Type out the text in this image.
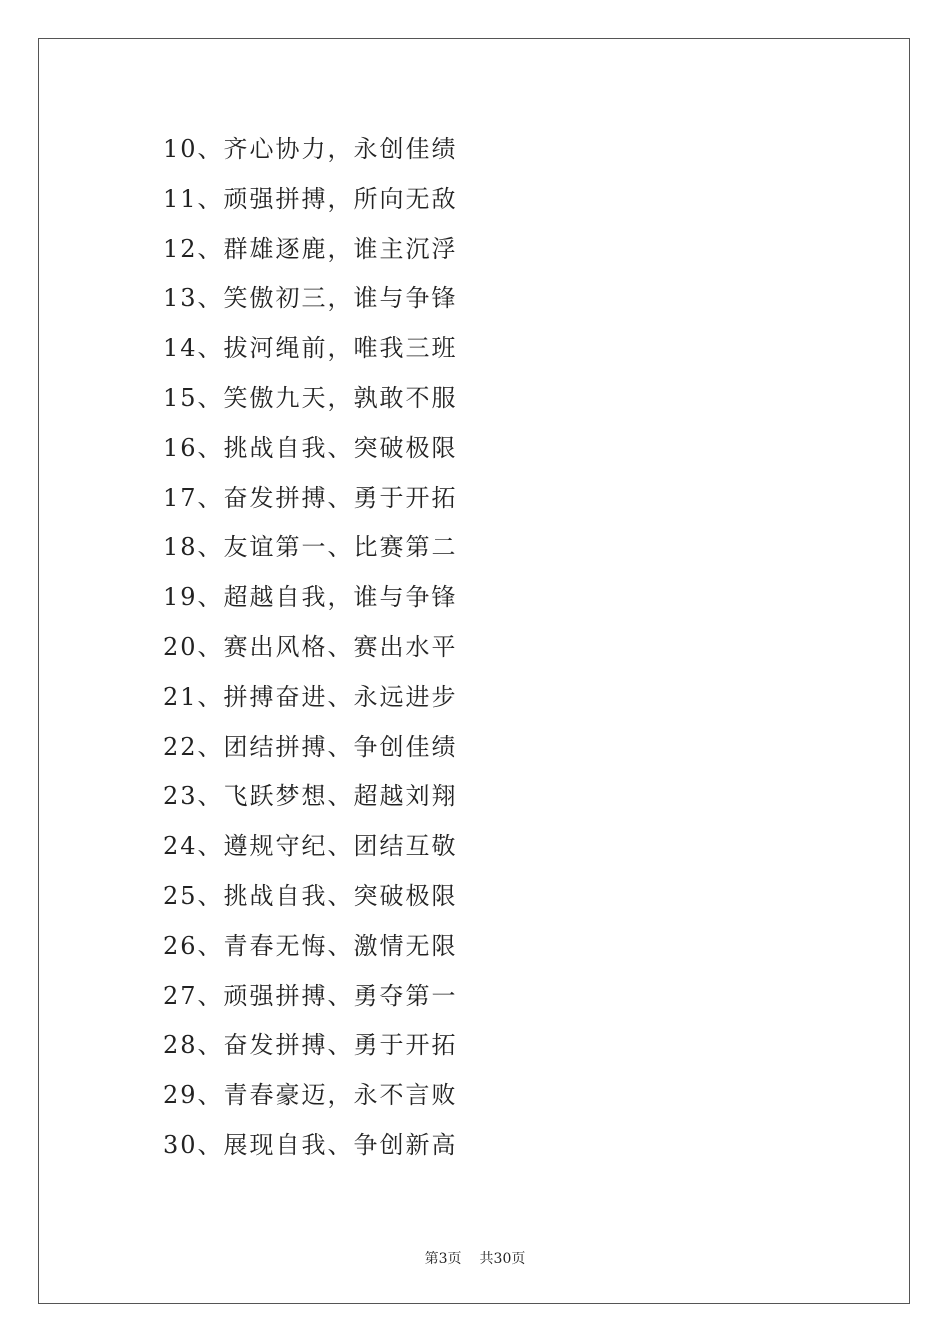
10、齐心协力，永创佳绩
11、顽强拼搏，所向无敌
12、群雄逐鹿，谁主沉浮
13、笑傲初三，谁与争锋
14、拔河绳前，唯我三班
15、笑傲九天，孰敢不服
16、挑战自我、突破极限
17、奋发拼搏、勇于开拓
18、友谊第一、比赛第二
19、超越自我，谁与争锋
20、赛出风格、赛出水平
21、拼搏奋进、永远进步
22、团结拼搏、争创佳绩
23、飞跃梦想、超越刘翔
24、遵规守纪、团结互敬
25、挑战自我、突破极限
26、青春无悔、激情无限
27、顽强拼搏、勇夺第一
28、奋发拼搏、勇于开拓
29、青春豪迈，永不言败
30、展现自我、争创新高
第3页 共30页
